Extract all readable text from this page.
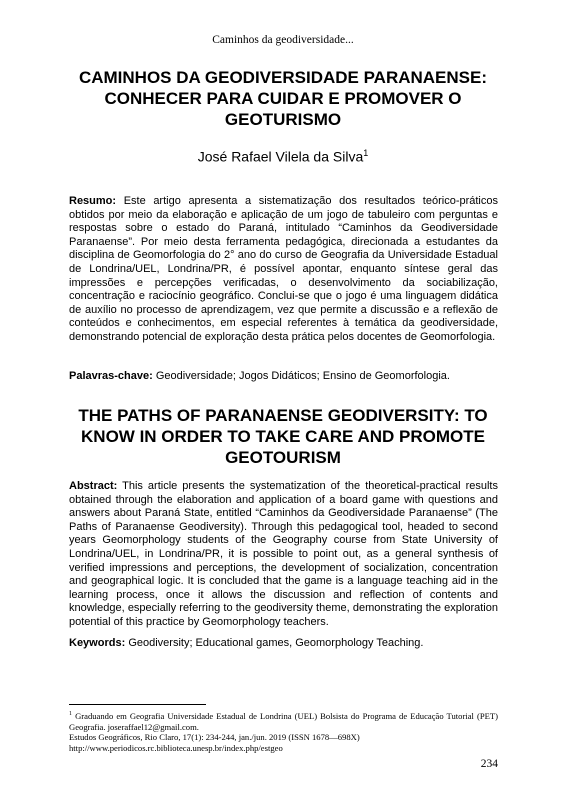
Caminhos da geodiversidade...
CAMINHOS DA GEODIVERSIDADE PARANAENSE: CONHECER PARA CUIDAR E PROMOVER O GEOTURISMO
José Rafael Vilela da Silva$^1$

Resumo: Este artigo apresenta a sistematização dos resultados teórico-práticos obtidos por meio da elaboração e aplicação de um jogo de tabuleiro com perguntas e respostas sobre o estado do Paraná, intitulado “Caminhos da Geodiversidade Paranaense”. Por meio desta ferramenta pedagógica, direcionada a estudantes da disciplina de Geomorfologia do 2° ano do curso de Geografia da Universidade Estadual de Londrina/UEL, Londrina/PR, é possível apontar, enquanto síntese geral das impressões e percepções verificadas, o desenvolvimento da sociabilização, concentração e raciocínio geográfico. Conclui-se que o jogo é uma linguagem didática de auxílio no processo de aprendizagem, vez que permite a discussão e a reflexão de conteúdos e conhecimentos, em especial referentes à temática da geodiversidade, demonstrando potencial de exploração desta prática pelos docentes de Geomorfologia.

Palavras-chave: Geodiversidade; Jogos Didáticos; Ensino de Geomorfologia.

THE PATHS OF PARANAENSE GEODIVERSITY: TO KNOW IN ORDER TO TAKE CARE AND PROMOTE GEOTOURISM

Abstract: This article presents the systematization of the theoretical-practical results obtained through the elaboration and application of a board game with questions and answers about Paraná State, entitled “Caminhos da Geodiversidade Paranaense” (The Paths of Paranaense Geodiversity). Through this pedagogical tool, headed to second years Geomorphology students of the Geography course from State University of Londrina/UEL, in Londrina/PR, it is possible to point out, as a general synthesis of verified impressions and perceptions, the development of socialization, concentration and geographical logic. It is concluded that the game is a language teaching aid in the learning process, once it allows the discussion and reflection of contents and knowledge, especially referring to the geodiversity theme, demonstrating the exploration potential of this practice by Geomorphology teachers.

Keywords: Geodiversity; Educational games, Geomorphology Teaching.

$^1$ Graduando em Geografia Universidade Estadual de Londrina (UEL) Bolsista do Programa de Educação Tutorial (PET) Geografia. joseraffael12@gmail.com.

Estudos Geográficos, Rio Claro, 17(1): 234-244, jan./jun. 2019 (ISSN 1678—698X)

http://www.periodicos.rc.biblioteca.unesp.br/index.php/estgeo

234
